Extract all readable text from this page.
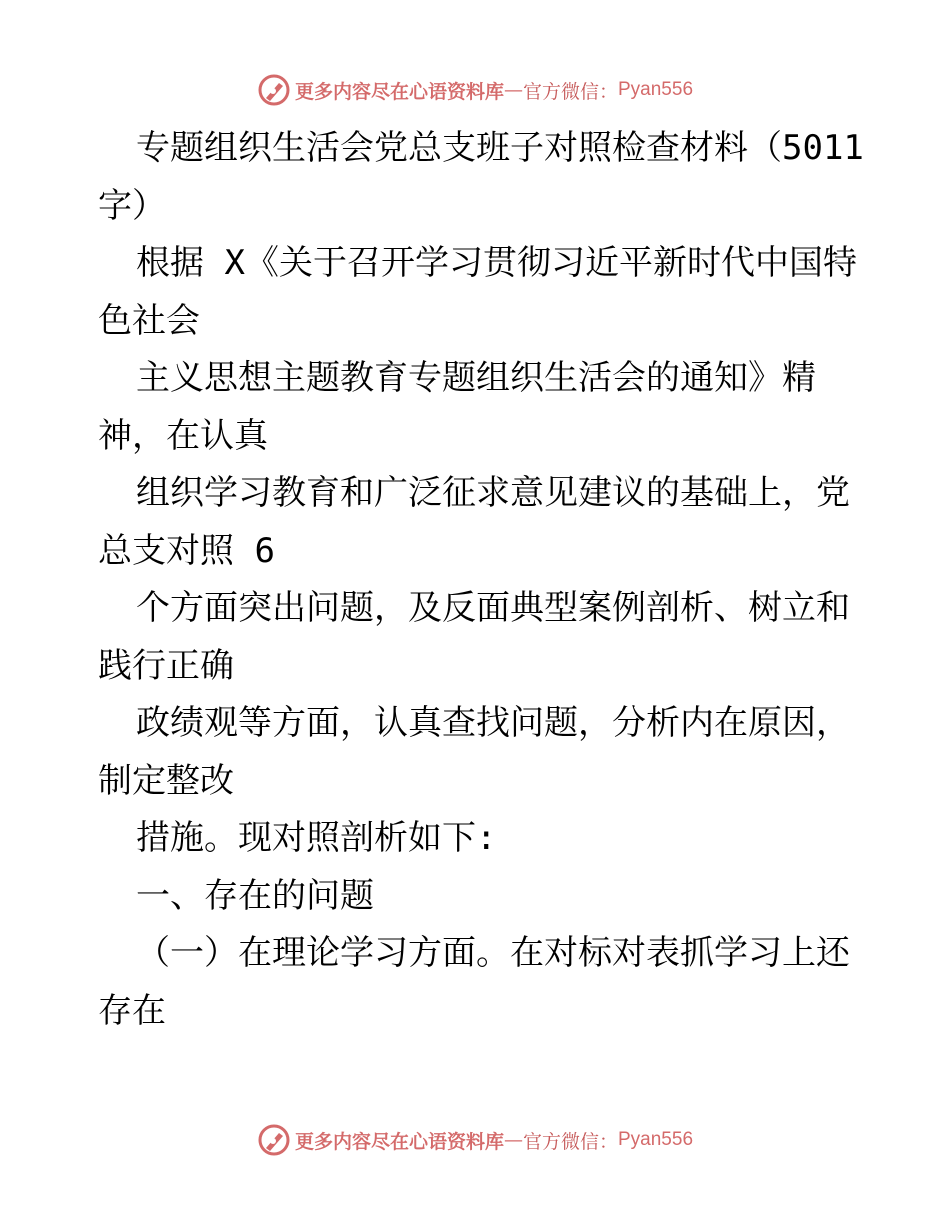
更多内容尽在心语资料库 — 官方微信： Pyan556
专题组织生活会党总支班子对照检查材料（5011
字）
根据 X《关于召开学习贯彻习近平新时代中国特
色社会
主义思想主题教育专题组织生活会的通知》精
神，在认真
组织学习教育和广泛征求意见建议的基础上，党
总支对照 6
个方面突出问题，及反面典型案例剖析、树立和
践行正确
政绩观等方面，认真查找问题，分析内在原因，
制定整改
措施。现对照剖析如下:
一、存在的问题
（一）在理论学习方面。在对标对表抓学习上还
存在
更多内容尽在心语资料库 — 官方微信： Pyan556
